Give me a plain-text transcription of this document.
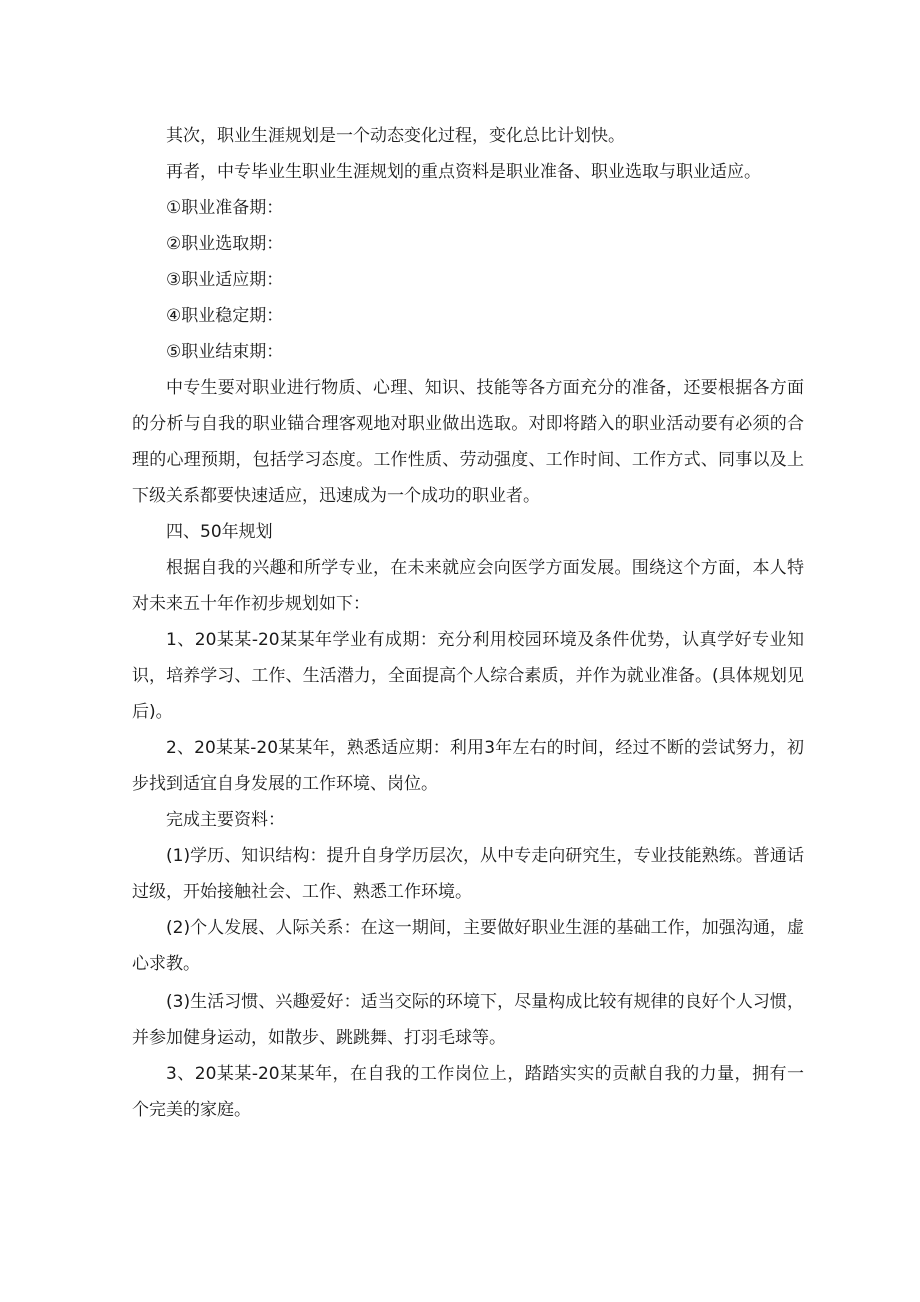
其次，职业生涯规划是一个动态变化过程，变化总比计划快。

再者，中专毕业生职业生涯规划的重点资料是职业准备、职业选取与职业适应。

①职业准备期：

②职业选取期：

③职业适应期：

④职业稳定期：

⑤职业结束期：

中专生要对职业进行物质、心理、知识、技能等各方面充分的准备，还要根据各方面的分析与自我的职业锚合理客观地对职业做出选取。对即将踏入的职业活动要有必须的合理的心理预期，包括学习态度。工作性质、劳动强度、工作时间、工作方式、同事以及上下级关系都要快速适应，迅速成为一个成功的职业者。

四、50年规划

根据自我的兴趣和所学专业，在未来就应会向医学方面发展。围绕这个方面，本人特对未来五十年作初步规划如下：

1、20某某-20某某年学业有成期：充分利用校园环境及条件优势，认真学好专业知识，培养学习、工作、生活潜力，全面提高个人综合素质，并作为就业准备。(具体规划见后)。

2、20某某-20某某年，熟悉适应期：利用3年左右的时间，经过不断的尝试努力，初步找到适宜自身发展的工作环境、岗位。

完成主要资料：

(1)学历、知识结构：提升自身学历层次，从中专走向研究生，专业技能熟练。普通话过级，开始接触社会、工作、熟悉工作环境。

(2)个人发展、人际关系：在这一期间，主要做好职业生涯的基础工作，加强沟通，虚心求教。

(3)生活习惯、兴趣爱好：适当交际的环境下，尽量构成比较有规律的良好个人习惯，并参加健身运动，如散步、跳跳舞、打羽毛球等。

3、20某某-20某某年，在自我的工作岗位上，踏踏实实的贡献自我的力量，拥有一个完美的家庭。
